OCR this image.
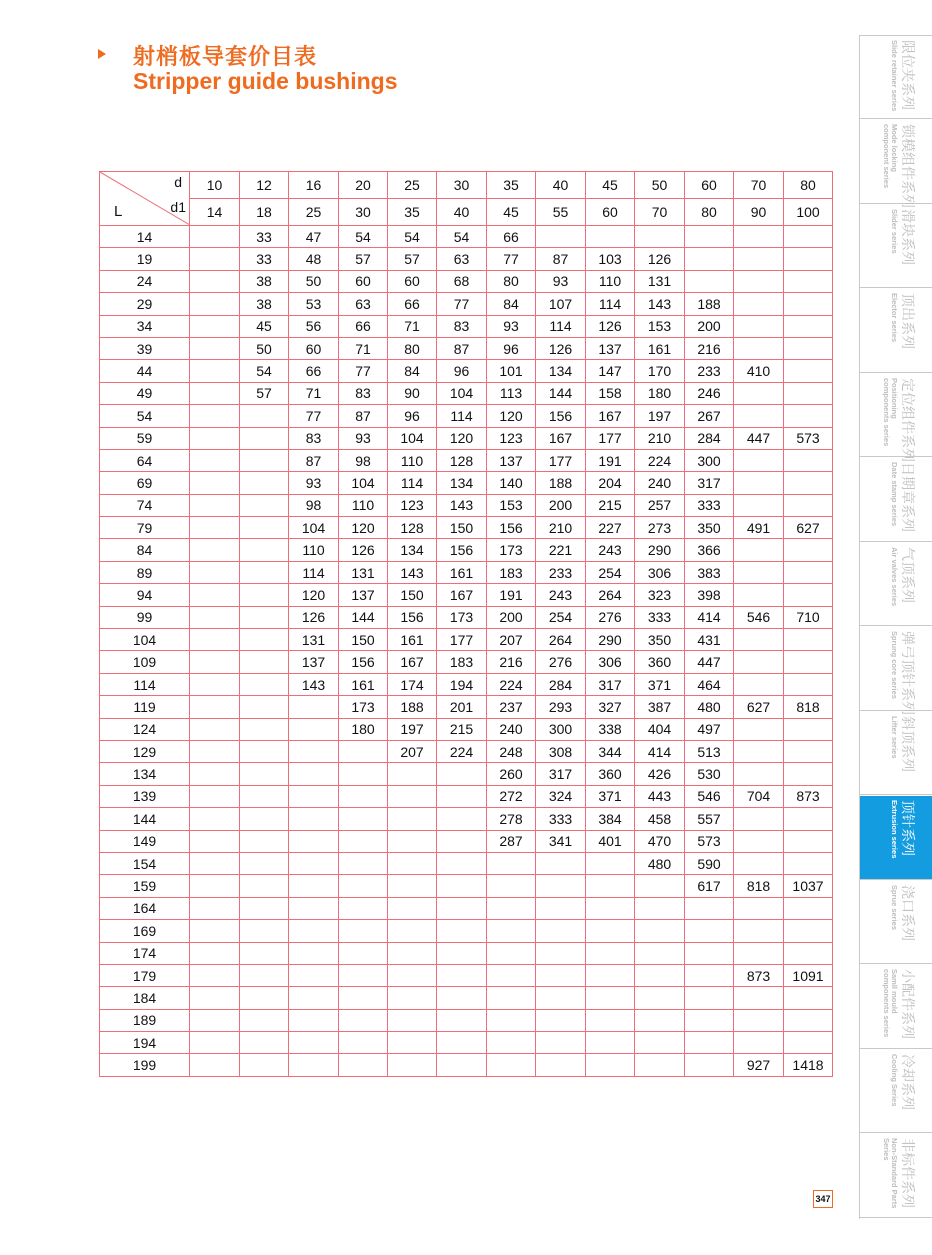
射梢板导套价目表
Stripper guide bushings
d
d1
L	10	12	16	20	25	30	35	40	45	50	60	70	80
	14	18	25	30	35	40	45	55	60	70	80	90	100
14		33	47	54	54	54	66						
19		33	48	57	57	63	77	87	103	126			
24		38	50	60	60	68	80	93	110	131			
29		38	53	63	66	77	84	107	114	143	188		
34		45	56	66	71	83	93	114	126	153	200		
39		50	60	71	80	87	96	126	137	161	216		
44		54	66	77	84	96	101	134	147	170	233	410	
49		57	71	83	90	104	113	144	158	180	246		
54			77	87	96	114	120	156	167	197	267		
59			83	93	104	120	123	167	177	210	284	447	573
64			87	98	110	128	137	177	191	224	300		
69			93	104	114	134	140	188	204	240	317		
74			98	110	123	143	153	200	215	257	333		
79			104	120	128	150	156	210	227	273	350	491	627
84			110	126	134	156	173	221	243	290	366		
89			114	131	143	161	183	233	254	306	383		
94			120	137	150	167	191	243	264	323	398		
99			126	144	156	173	200	254	276	333	414	546	710
104			131	150	161	177	207	264	290	350	431		
109			137	156	167	183	216	276	306	360	447		
114			143	161	174	194	224	284	317	371	464		
119				173	188	201	237	293	327	387	480	627	818
124				180	197	215	240	300	338	404	497		
129					207	224	248	308	344	414	513		
134							260	317	360	426	530		
139							272	324	371	443	546	704	873
144							278	333	384	458	557		
149							287	341	401	470	573		
154										480	590		
159											617	818	1037
164													
169													
174													
179												873	1091
184													
189													
194													
199												927	1418
限位夹系列
Slide retainer series
锁模组件系列
Mode locking component series
滑块系列
Slider series
顶出系列
Elector series
定位组件系列
Positioning components series
日期章系列
Date stamp series
气顶系列
Air valves series
弹弓顶针系列
Sprung core series
斜顶系列
Lifter series
顶针系列
Extrusion series
浇口系列
Sprue series
小配件系列
Samll mould components series
冷却系列
Cooling Series
非标件系列
Non-Standard Parts Series
347
